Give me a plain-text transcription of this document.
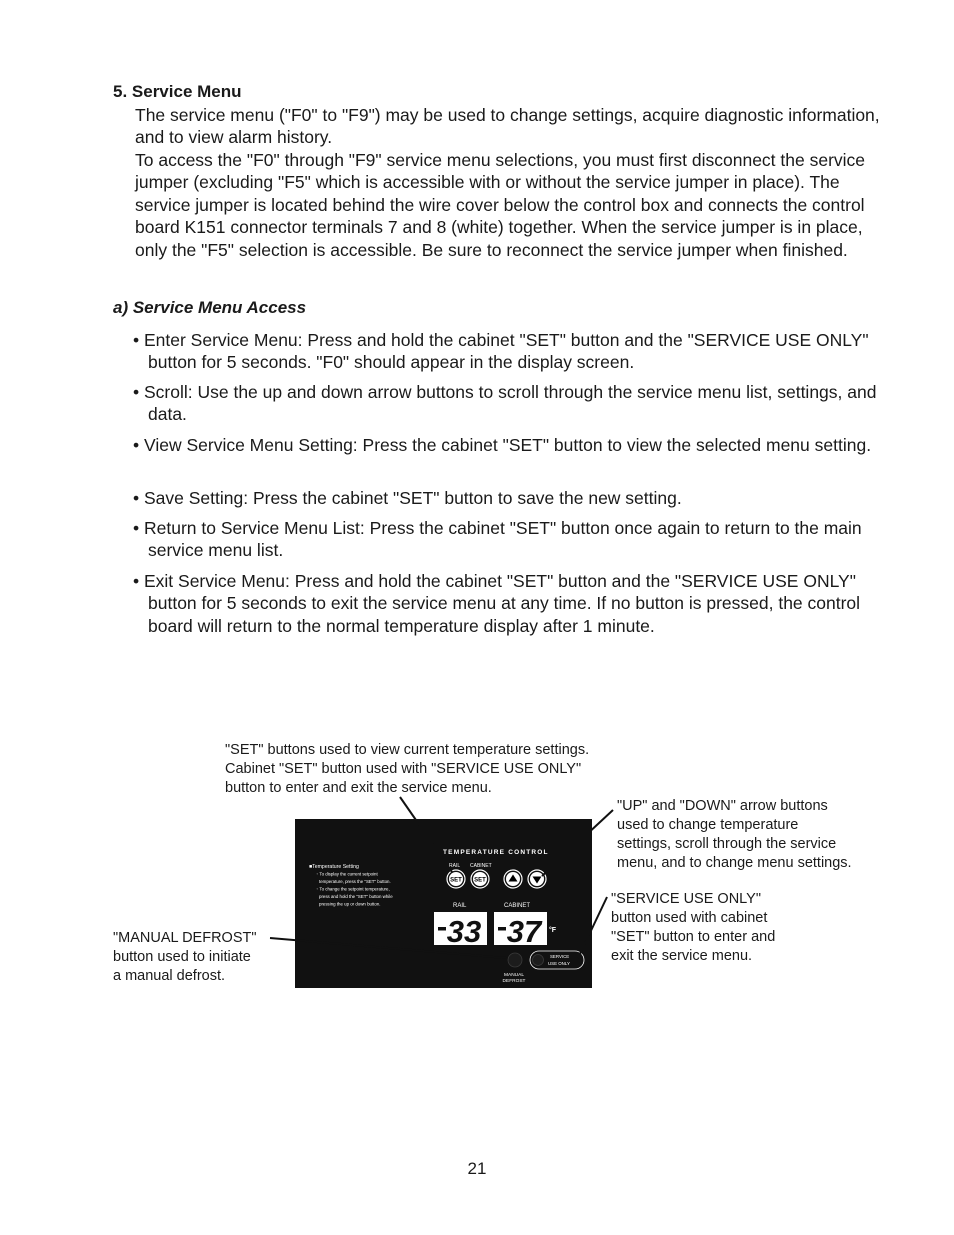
5. Service Menu
The service menu ("F0" to "F9") may be used to change settings, acquire diagnostic information, and to view alarm history.
To access the "F0" through "F9" service menu selections, you must first disconnect the service jumper (excluding "F5" which is accessible with or without the service jumper in place). The service jumper is located behind the wire cover below the control box and connects the control board K151 connector terminals 7 and 8 (white) together. When the service jumper is in place, only the "F5" selection is accessible. Be sure to reconnect the service jumper when finished.
a) Service Menu Access
• Enter Service Menu: Press and hold the cabinet "SET" button and the "SERVICE USE ONLY" button for 5 seconds. "F0" should appear in the display screen.
• Scroll: Use the up and down arrow buttons to scroll through the service menu list, settings, and data.
• View Service Menu Setting: Press the cabinet "SET" button to view the selected menu setting.
• Save Setting: Press the cabinet "SET" button to save the new setting.
• Return to Service Menu List: Press the cabinet "SET" button once again to return to the main service menu list.
• Exit Service Menu: Press and hold the cabinet "SET" button and the "SERVICE USE ONLY" button for 5 seconds to exit the service menu at any time. If no button is pressed, the control board will return to the normal temperature display after 1 minute.
"SET" buttons used to view current temperature settings.
Cabinet "SET" button used with "SERVICE USE ONLY"
button to enter and exit the service menu.
"UP" and "DOWN" arrow buttons
used to change temperature
settings, scroll through the service
menu, and to change menu settings.
"SERVICE USE ONLY"
button used with cabinet
"SET" button to enter and
exit the service menu.
"MANUAL DEFROST"
button used to initiate
a manual defrost.
TEMPERATURE CONTROL
■Temperature Setting
・To display the current setpoint
temperature, press the "SET" button.
・To change the setpoint temperature,
press and hold the "SET" button while
pressing the up or down button.
RAIL CABINET
SET SET
RAIL	CABINET
33 37 °F
MANUAL
DEFROST
SERVICE
USE ONLY
21
